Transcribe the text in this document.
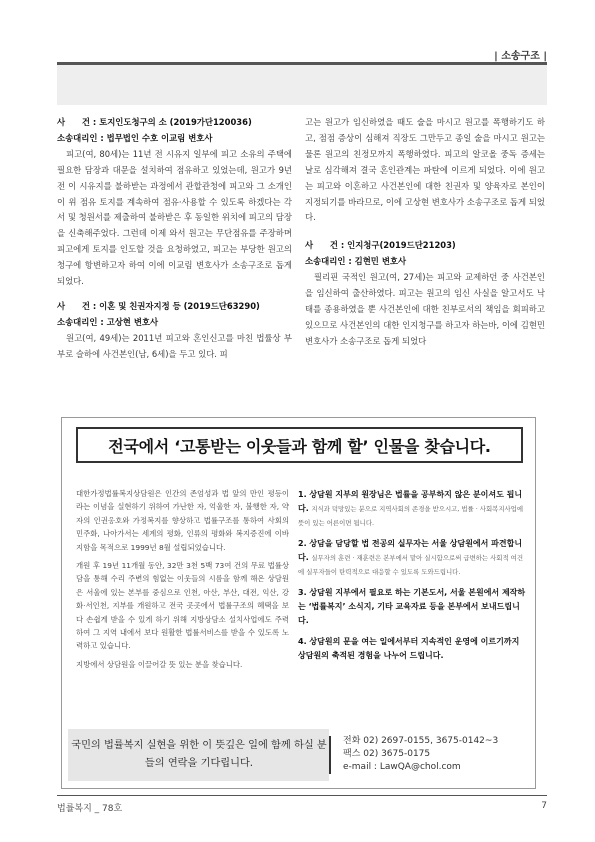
| 소송구조 |
사　　건 : 토지인도청구의 소 (2019가단120036)
소송대리인 : 법무법인 수호 이교림 변호사

피고(여, 80세)는 11년 전 시유지 일부에 피고 소유의 주택에 필요한 담장과 대문을 설치하여 점유하고 있었는데, 원고가 9년 전 이 시유지를 불하받는 과정에서 관할관청에 피고와 그 소개인이 위 점유 토지를 계속하여 점유·사용할 수 있도록 하겠다는 각서 및 청원서를 제출하여 불하받은 후 동일한 위치에 피고의 담장을 신축해주었다. 그런데 이제 와서 원고는 무단점유를 주장하며 피고에게 토지를 인도할 것을 요청하였고, 피고는 부당한 원고의 청구에 항변하고자 하여 이에 이교림 변호사가 소송구조로 돕게 되었다.

사　　건 : 이혼 및 친권자지정 등 (2019드단63290)
소송대리인 : 고상현 변호사

원고(여, 49세)는 2011년 피고와 혼인신고를 마친 법률상 부부로 슬하에 사건본인(남, 6세)을 두고 있다. 피

고는 원고가 임신하였을 때도 술을 마시고 원고를 폭행하기도 하고, 점점 증상이 심해져 직장도 그만두고 종일 술을 마시고 원고는 물론 원고의 친정모까지 폭행하였다. 피고의 알코올 중독 증세는 날로 심각해져 결국 혼인관계는 파탄에 이르게 되었다. 이에 원고는 피고와 이혼하고 사건본인에 대한 친권자 및 양육자로 본인이 지정되기를 바라므로, 이에 고상현 변호사가 소송구조로 돕게 되었다.

사　　건 : 인지청구(2019드단21203)
소송대리인 : 김현민 변호사

필리핀 국적인 원고(여, 27세)는 피고와 교제하던 중 사건본인을 임신하여 출산하였다. 피고는 원고의 임신 사실을 알고서도 낙태를 종용하였을 뿐 사건본인에 대한 친부로서의 책임을 회피하고 있으므로 사건본인의 대한 인지청구를 하고자 하는바, 이에 김현민 변호사가 소송구조로 돕게 되었다

전국에서 ‘고통받는 이웃들과 함께 할’ 인물을 찾습니다.

대한가정법률복지상담원은 인간의 존엄성과 법 앞의 만인 평등이라는 이념을 실현하기 위하여 가난한 자, 억울한 자, 불행한 자, 약자의 인권옹호와 가정복지를 향상하고 법률구조를 통하여 사회의 민주화, 나아가서는 세계의 평화, 인류의 평화와 복지증진에 이바지함을 목적으로 1999년 8월 설립되었습니다.

개원 후 19년 11개월 동안, 32만 3천 5백 73여 건의 무료 법률상담을 통해 수리 주변의 힘없는 이웃들의 시름을 함께 해온 상담원은 서울에 있는 본부를 중심으로 인천, 아산, 부산, 대전, 익산, 강화·서인천, 지부를 개원하고 전국 곳곳에서 법률구조의 혜택을 보다 손쉽게 받을 수 있게 하기 위해 지방상담소 설치사업에도 주력하여 그 지역 내에서 보다 원활한 법률서비스를 받을 수 있도록 노력하고 있습니다.

지방에서 상담원을 이끌어갈 뜻 있는 분을 찾습니다.

1. 상담원 지부의 원장님은 법률을 공부하지 않은 분이셔도 됩니다. 지식과 덕망있는 분으로 지역사회의 존경을 받으시고, 법률 · 사회복지사업에 뜻이 있는 어른이면 됩니다.
2. 상담을 담당할 법 전공의 실무자는 서울 상담원에서 파견합니다. 실무자의 훈련 · 재훈련은 본부에서 맡아 실시함으로써 급변하는 사회적 여건에 실무자들이 탄력적으로 대응할 수 있도록 도와드립니다.
3. 상담원 지부에서 필요로 하는 기본도서, 서울 본원에서 제작하는 ‘법률복지’ 소식지, 기타 교육자료 등을 본부에서 보내드립니다.
4. 상담원의 문을 여는 일에서부터 지속적인 운영에 이르기까지 상담원의 축적된 경험을 나누어 드립니다.
국민의 법률복지 실현을 위한 이 뜻깊은 일에 함께 하실 분들의 연락을 기다립니다.
전화 02) 2697-0155, 3675-0142~3
팩스 02) 3675-0175
e-mail : LawQA@chol.com
법률복지 _ 78호	7
